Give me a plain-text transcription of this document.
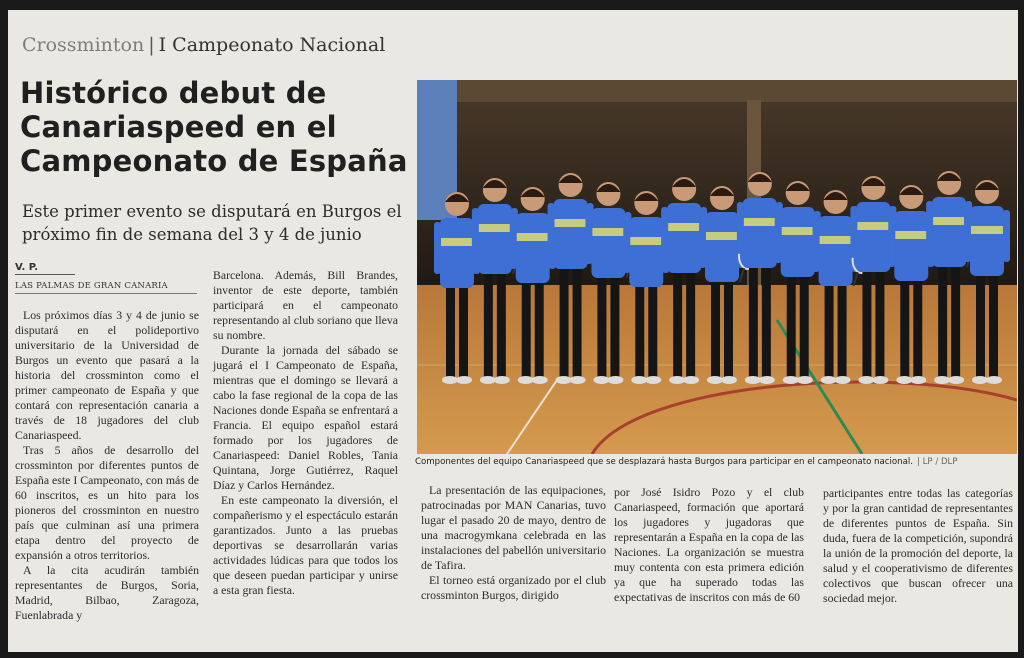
Crossminton | I Campeonato Nacional
Histórico debut de Canariaspeed en el Campeonato de España
Este primer evento se disputará en Burgos el próximo fin de semana del 3 y 4 de junio
V. P.
LAS PALMAS DE GRAN CANARIA

Los próximos días 3 y 4 de junio se disputará en el polideportivo universitario de la Universidad de Burgos un evento que pasará a la historia del crossminton como el primer campeonato de España y que contará con representación canaria a través de 18 jugadores del club Canariaspeed.

Tras 5 años de desarrollo del crossminton por diferentes puntos de España este I Campeonato, con más de 60 inscritos, es un hito para los pioneros del crossminton en nuestro país que culminan así una primera etapa dentro del proyecto de expansión a otros territorios.

A la cita acudirán también representantes de Burgos, Soria, Madrid, Bilbao, Zaragoza, Fuenlabrada y

Barcelona. Además, Bill Brandes, inventor de este deporte, también participará en el campeonato representando al club soriano que lleva su nombre.

Durante la jornada del sábado se jugará el I Campeonato de España, mientras que el domingo se llevará a cabo la fase regional de la copa de las Naciones donde España se enfrentará a Francia. El equipo español estará formado por los jugadores de Canariaspeed: Daniel Robles, Tania Quintana, Jorge Gutiérrez, Raquel Díaz y Carlos Hernández.

En este campeonato la diversión, el compañerismo y el espectáculo estarán garantizados. Junto a las pruebas deportivas se desarrollarán varias actividades lúdicas para que todos los que deseen puedan participar y unirse a esta gran fiesta.

Componentes del equipo Canariaspeed que se desplazará hasta Burgos para participar en el campeonato nacional. | LP / DLP

La presentación de las equipaciones, patrocinadas por MAN Canarias, tuvo lugar el pasado 20 de mayo, dentro de una macrogymkana celebrada en las instalaciones del pabellón universitario de Tafira.

El torneo está organizado por el club crossminton Burgos, dirigido

por José Isidro Pozo y el club Canariaspeed, formación que aportará los jugadores y jugadoras que representarán a España en la copa de las Naciones. La organización se muestra muy contenta con esta primera edición ya que ha superado todas las expectativas de inscritos con más de 60

participantes entre todas las categorías y por la gran cantidad de representantes de diferentes puntos de España. Sin duda, fuera de la competición, supondrá la unión de la promoción del deporte, la salud y el cooperativismo de diferentes colectivos que buscan ofrecer una sociedad mejor.
